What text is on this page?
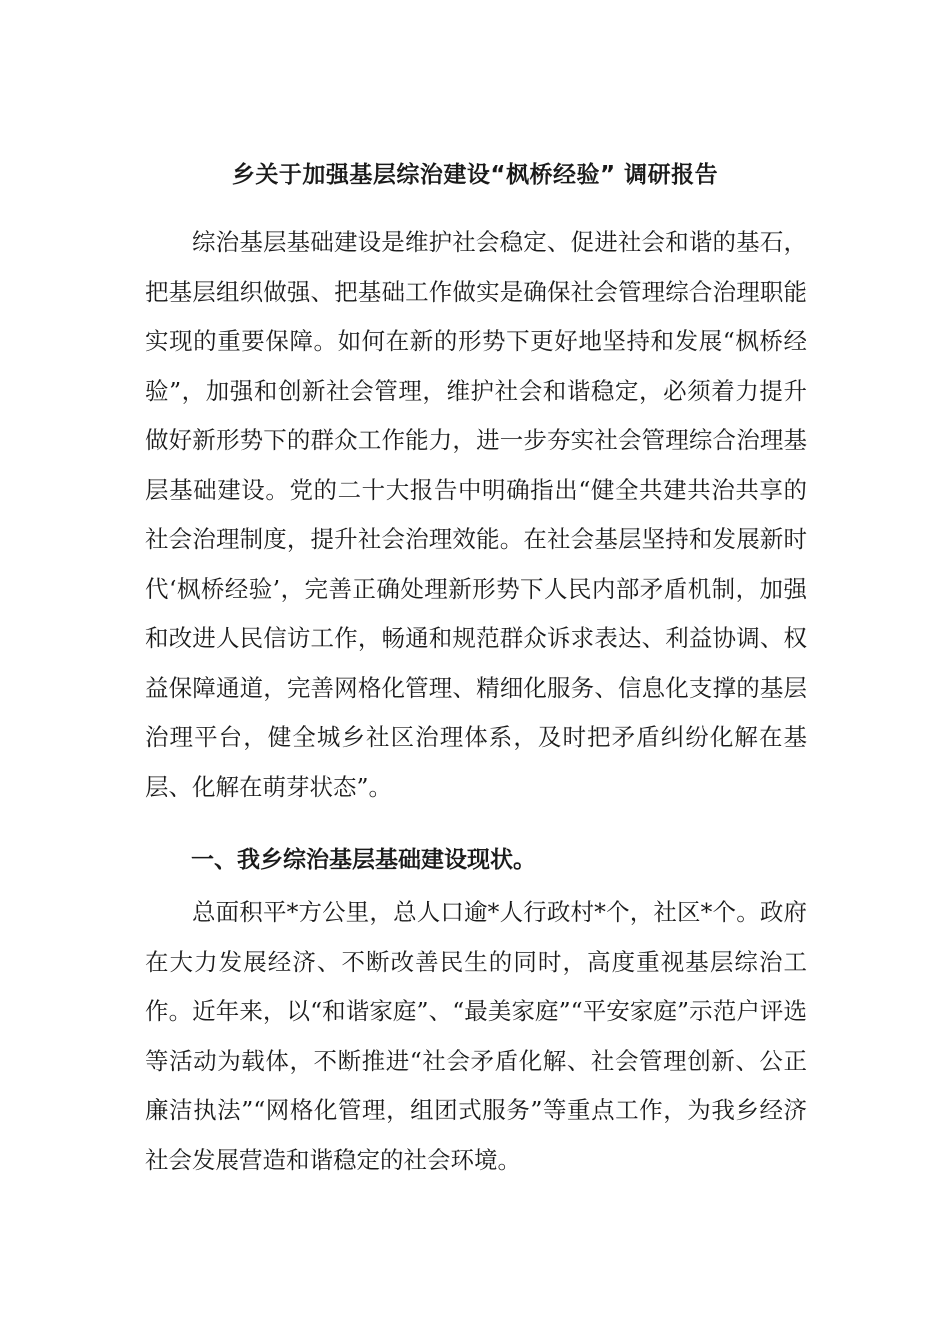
乡关于加强基层综治建设“枫桥经验” 调研报告

综治基层基础建设是维护社会稳定、促进社会和谐的基石，把基层组织做强、把基础工作做实是确保社会管理综合治理职能实现的重要保障。如何在新的形势下更好地坚持和发展“枫桥经验”，加强和创新社会管理，维护社会和谐稳定，必须着力提升做好新形势下的群众工作能力，进一步夯实社会管理综合治理基层基础建设。党的二十大报告中明确指出“健全共建共治共享的社会治理制度，提升社会治理效能。在社会基层坚持和发展新时代‘枫桥经验’，完善正确处理新形势下人民内部矛盾机制，加强和改进人民信访工作，畅通和规范群众诉求表达、利益协调、权益保障通道，完善网格化管理、精细化服务、信息化支撑的基层治理平台，健全城乡社区治理体系，及时把矛盾纠纷化解在基层、化解在萌芽状态”。

一、我乡综治基层基础建设现状。

总面积平*方公里，总人口逾*人行政村*个，社区*个。政府在大力发展经济、不断改善民生的同时，高度重视基层综治工作。近年来，以“和谐家庭”、“最美家庭”“平安家庭”示范户评选等活动为载体，不断推进“社会矛盾化解、社会管理创新、公正廉洁执法”“网格化管理，组团式服务”等重点工作，为我乡经济社会发展营造和谐稳定的社会环境。
